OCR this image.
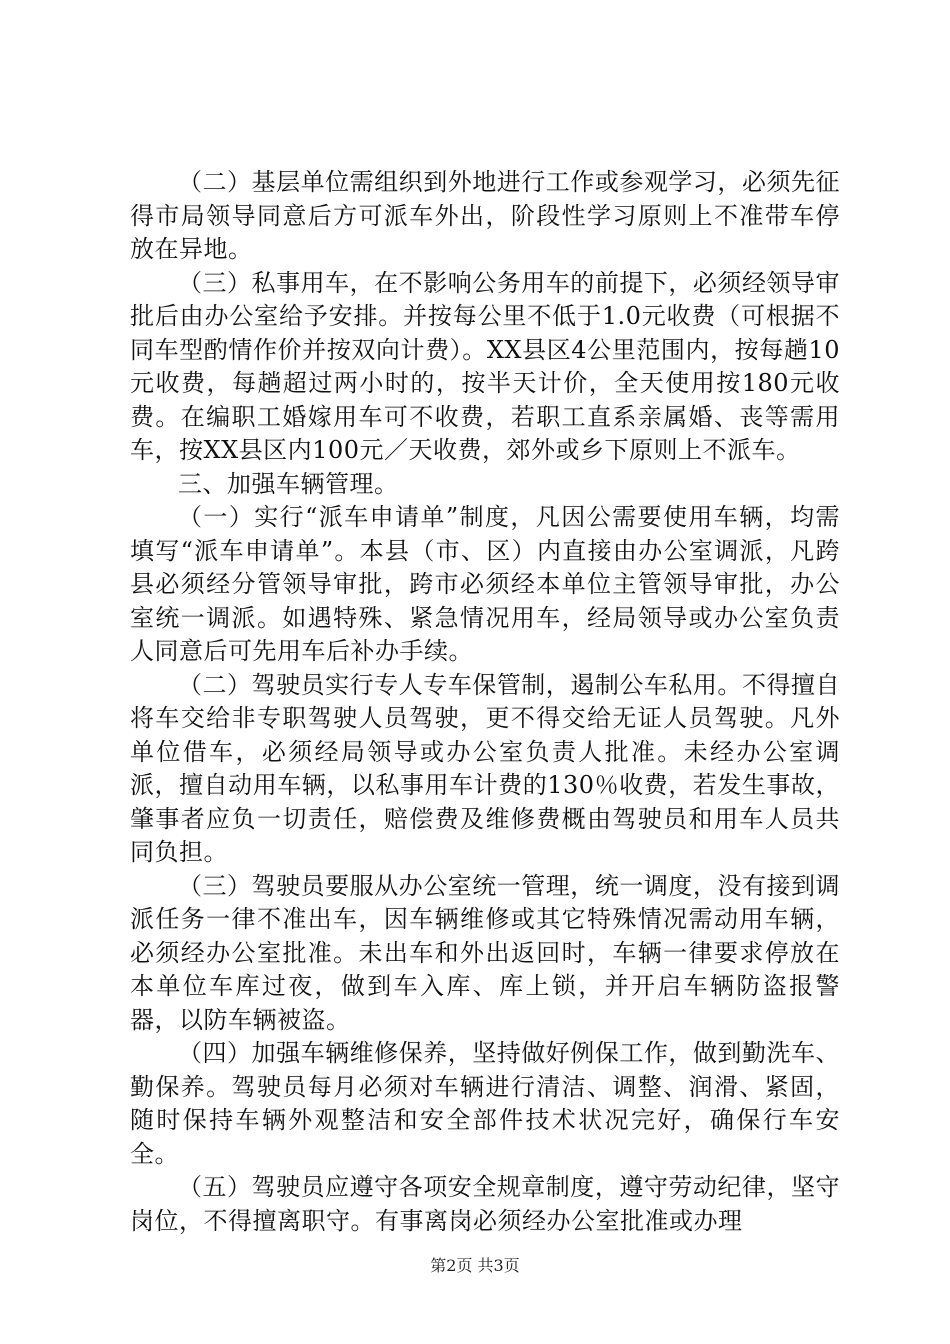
（二）基层单位需组织到外地进行工作或参观学习，必须先征得市局领导同意后方可派车外出，阶段性学习原则上不准带车停放在异地。

（三）私事用车，在不影响公务用车的前提下，必须经领导审批后由办公室给予安排。并按每公里不低于1.0元收费（可根据不同车型酌情作价并按双向计费）。XX县区4公里范围内，按每趟10元收费，每趟超过两小时的，按半天计价，全天使用按180元收费。在编职工婚嫁用车可不收费，若职工直系亲属婚、丧等需用车，按XX县区内100元／天收费，郊外或乡下原则上不派车。

三、加强车辆管理。

（一）实行“派车申请单”制度，凡因公需要使用车辆，均需填写“派车申请单”。本县（市、区）内直接由办公室调派，凡跨县必须经分管领导审批，跨市必须经本单位主管领导审批，办公室统一调派。如遇特殊、紧急情况用车，经局领导或办公室负责人同意后可先用车后补办手续。

（二）驾驶员实行专人专车保管制，遏制公车私用。不得擅自将车交给非专职驾驶人员驾驶，更不得交给无证人员驾驶。凡外单位借车，必须经局领导或办公室负责人批准。未经办公室调派，擅自动用车辆，以私事用车计费的130％收费，若发生事故，肇事者应负一切责任，赔偿费及维修费概由驾驶员和用车人员共同负担。

（三）驾驶员要服从办公室统一管理，统一调度，没有接到调派任务一律不准出车，因车辆维修或其它特殊情况需动用车辆，必须经办公室批准。未出车和外出返回时，车辆一律要求停放在本单位车库过夜，做到车入库、库上锁，并开启车辆防盗报警器，以防车辆被盗。

（四）加强车辆维修保养，坚持做好例保工作，做到勤洗车、勤保养。驾驶员每月必须对车辆进行清洁、调整、润滑、紧固，随时保持车辆外观整洁和安全部件技术状况完好，确保行车安全。

（五）驾驶员应遵守各项安全规章制度，遵守劳动纪律，坚守岗位，不得擅离职守。有事离岗必须经办公室批准或办理

第2页 共3页
